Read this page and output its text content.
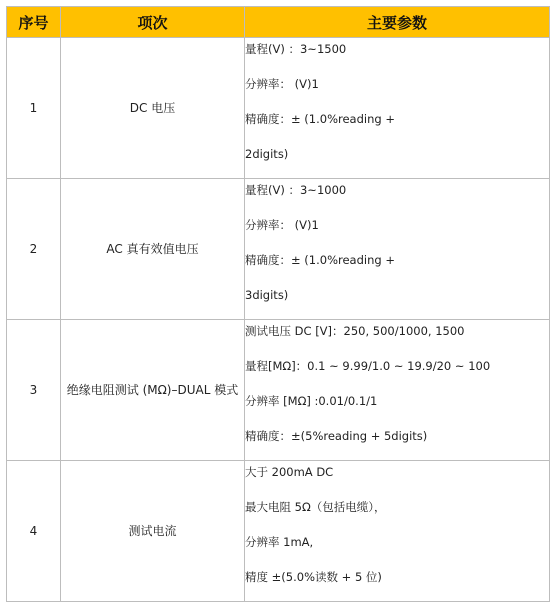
序号	项次	主要参数
1	DC 电压	量程(V) ：3~1500
分辨率： (V)1
精确度：± (1.0%reading +
2digits)

2	AC 真有效值电压	量程(V) ：3~1000
分辨率： (V)1
精确度：± (1.0%reading +
3digits)

3	绝缘电阻测试 (MΩ)–DUAL 模式	测试电压 DC [V]：250, 500/1000, 1500
量程[MΩ]：0.1 ~ 9.99/1.0 ~ 19.9/20 ~ 100
分辨率 [MΩ] :0.01/0.1/1
精确度：±(5%reading + 5digits)

4	测试电流	大于 200mA DC
最大电阻 5Ω（包括电缆），
分辨率 1mA,
精度 ±(5.0%读数 + 5 位)
